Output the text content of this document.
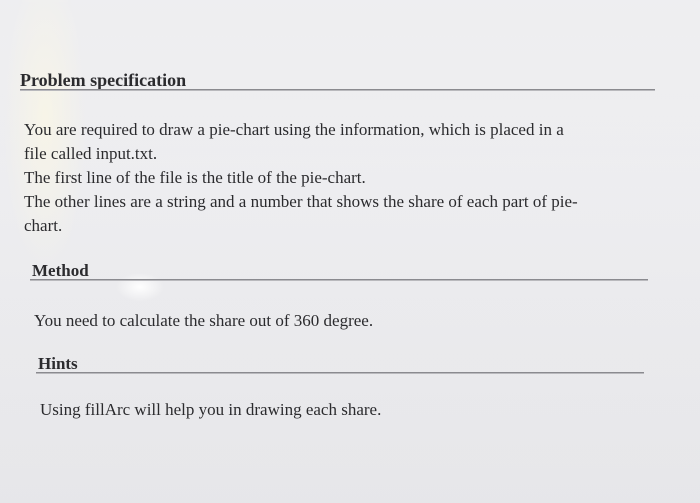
Problem specification
You are required to draw a pie-chart using the information, which is placed in a
file called input.txt.
The first line of the file is the title of the pie-chart.
The other lines are a string and a number that shows the share of each part of pie-
chart.
Method
You need to calculate the share out of 360 degree.
Hints
Using fillArc will help you in drawing each share.
